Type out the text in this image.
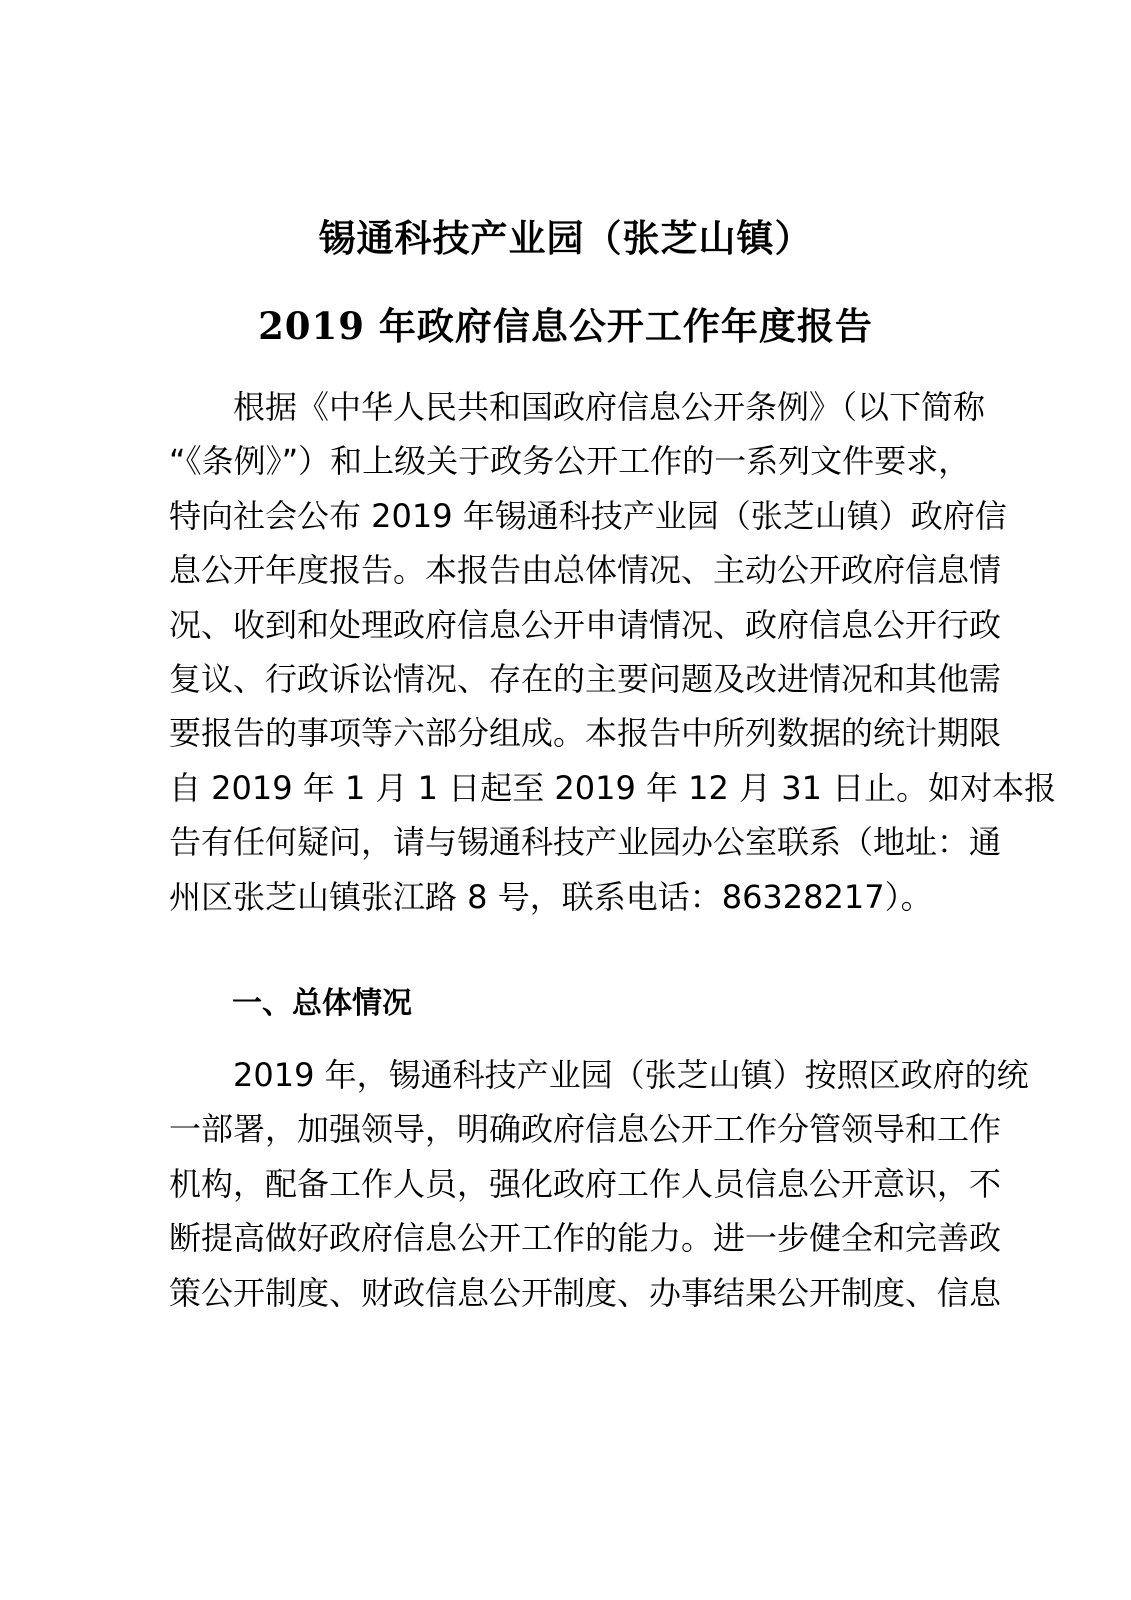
锡通科技产业园（张芝山镇）
2019 年政府信息公开工作年度报告
　　根据《中华人民共和国政府信息公开条例》（以下简称
“《条例》”）和上级关于政务公开工作的一系列文件要求，
特向社会公布 2019 年锡通科技产业园（张芝山镇）政府信
息公开年度报告。本报告由总体情况、主动公开政府信息情
况、收到和处理政府信息公开申请情况、政府信息公开行政
复议、行政诉讼情况、存在的主要问题及改进情况和其他需
要报告的事项等六部分组成。本报告中所列数据的统计期限
自 2019 年 1 月 1 日起至 2019 年 12 月 31 日止。如对本报
告有任何疑问，请与锡通科技产业园办公室联系（地址：通
州区张芝山镇张江路 8 号，联系电话：86328217）。
一、总体情况
　　2019 年，锡通科技产业园（张芝山镇）按照区政府的统
一部署，加强领导，明确政府信息公开工作分管领导和工作
机构，配备工作人员，强化政府工作人员信息公开意识，不
断提高做好政府信息公开工作的能力。进一步健全和完善政
策公开制度、财政信息公开制度、办事结果公开制度、信息
